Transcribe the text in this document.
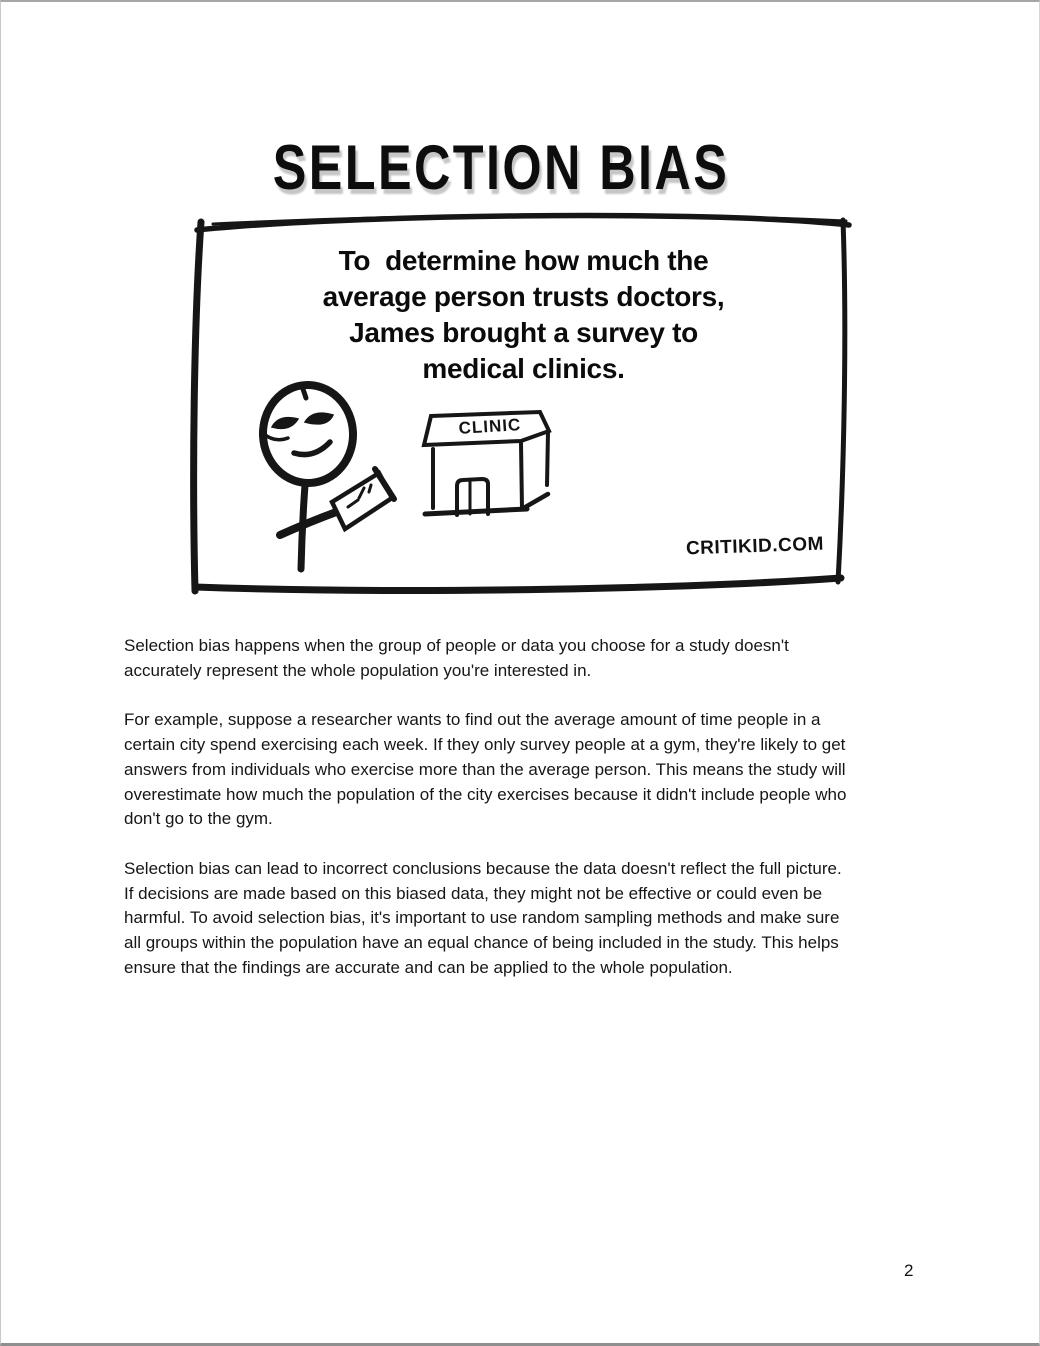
SELECTION BIAS
To  determine how much the
average person trusts doctors,
James brought a survey to
medical clinics.
CLINIC
CRITIKID.COM
Selection bias happens when the group of people or data you choose for a study doesn't
accurately represent the whole population you're interested in.
For example, suppose a researcher wants to find out the average amount of time people in a
certain city spend exercising each week. If they only survey people at a gym, they're likely to get
answers from individuals who exercise more than the average person. This means the study will
overestimate how much the population of the city exercises because it didn't include people who
don't go to the gym.
Selection bias can lead to incorrect conclusions because the data doesn't reflect the full picture.
If decisions are made based on this biased data, they might not be effective or could even be
harmful. To avoid selection bias, it's important to use random sampling methods and make sure
all groups within the population have an equal chance of being included in the study. This helps
ensure that the findings are accurate and can be applied to the whole population.
2
